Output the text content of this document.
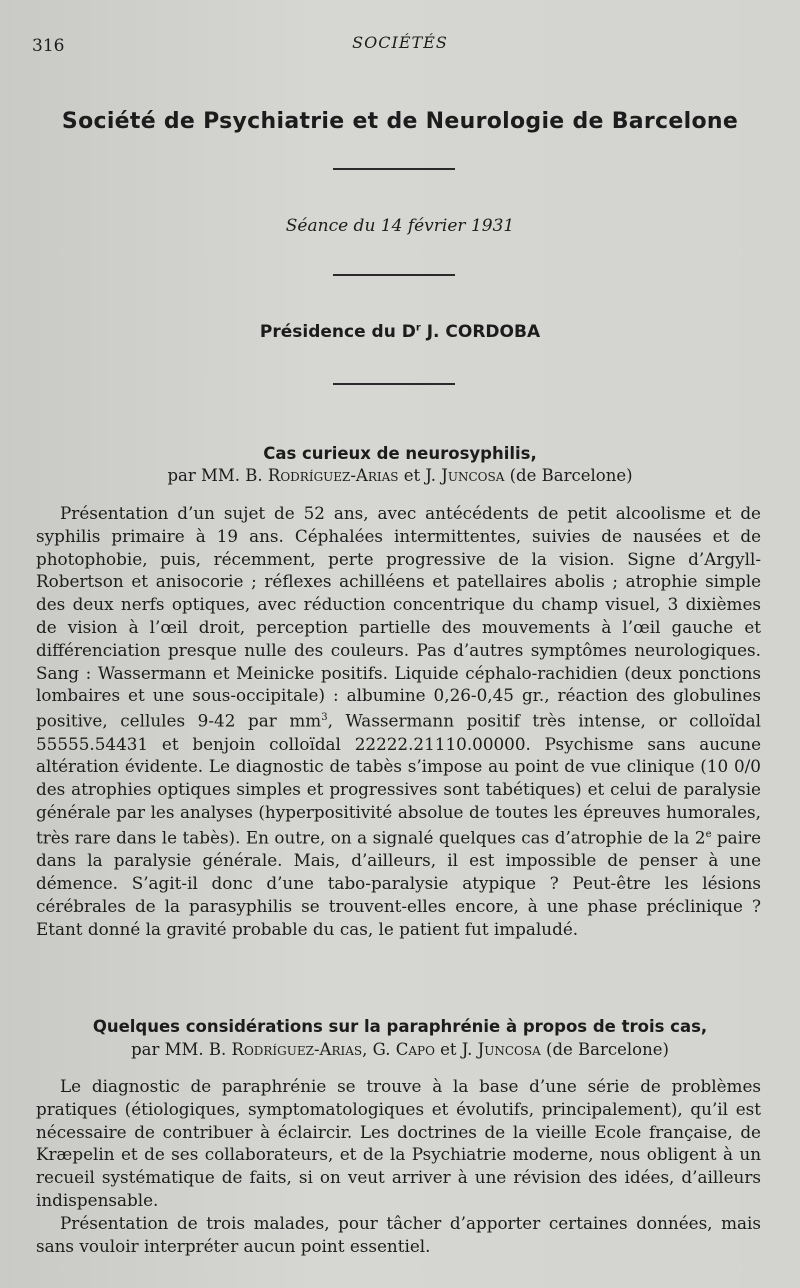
316	SOCIÉTÉS
Société de Psychiatrie et de Neurologie de Barcelone
Séance du 14 février 1931
Présidence du $D^r$ J. CORDOBA
Cas curieux de neurosyphilis,
par MM. B. Rodríguez-Arias et J. Juncosa (de Barcelone)

Présentation d’un sujet de 52 ans, avec antécédents de petit alcoolisme et de syphilis primaire à 19 ans. Céphalées intermittentes, suivies de nausées et de photophobie, puis, récemment, perte progressive de la vision. Signe d’Argyll-Robertson et anisocorie ; réflexes achilléens et patellaires abolis ; atrophie simple des deux nerfs optiques, avec réduction concentrique du champ visuel, 3 dixièmes de vision à l’œil droit, perception partielle des mouvements à l’œil gauche et différenciation presque nulle des couleurs. Pas d’autres symptômes neurologiques. Sang : Wassermann et Meinicke positifs. Liquide céphalo-rachidien (deux ponctions lombaires et une sous-occipitale) : albumine 0,26-0,45 gr., réaction des globulines positive, cellules 9-42 par $mm^3$, Wassermann positif très intense, or colloïdal 55555.54431 et benjoin colloïdal 22222.21110.00000. Psychisme sans aucune altération évidente. Le diagnostic de tabès s’impose au point de vue clinique (10 0/0 des atrophies optiques simples et progressives sont tabétiques) et celui de paralysie générale par les analyses (hyperpositivité absolue de toutes les épreuves humorales, très rare dans le tabès). En outre, on a signalé quelques cas d’atrophie de la 2e paire dans la paralysie générale. Mais, d’ailleurs, il est impossible de penser à une démence. S’agit-il donc d’une tabo-paralysie atypique ? Peut-être les lésions cérébrales de la parasyphilis se trouvent-elles encore, à une phase préclinique ? Etant donné la gravité probable du cas, le patient fut impaludé.

Quelques considérations sur la paraphrénie à propos de trois cas,
par MM. B. Rodríguez-Arias, G. Capo et J. Juncosa (de Barcelone)

Le diagnostic de paraphrénie se trouve à la base d’une série de problèmes pratiques (étiologiques, symptomatologiques et évolutifs, principalement), qu’il est nécessaire de contribuer à éclaircir. Les doctrines de la vieille Ecole française, de Kræpelin et de ses collaborateurs, et de la Psychiatrie moderne, nous obligent à un recueil systématique de faits, si on veut arriver à une révision des idées, d’ailleurs indispensable.

Présentation de trois malades, pour tâcher d’apporter certaines données, mais sans vouloir interpréter aucun point essentiel.
